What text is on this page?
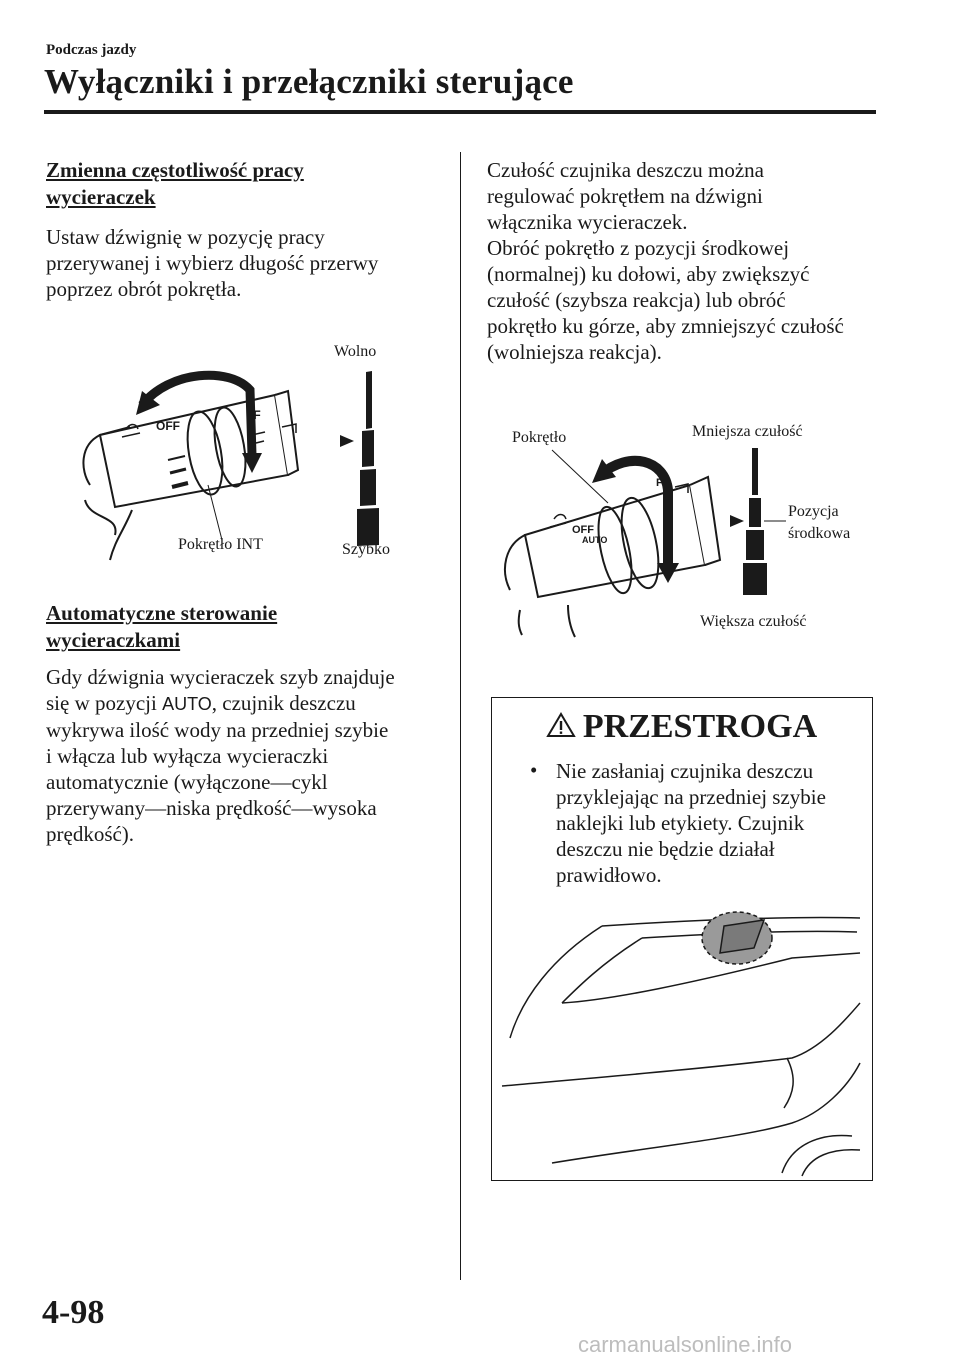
Podczas jazdy
Wyłączniki i przełączniki sterujące
Zmienna częstotliwość pracy
wycieraczek
Ustaw dźwignię w pozycję pracy
przerywanej i wybierz długość przerwy
poprzez obrót pokrętła.
OFF
FF
Wolno
Szybko
Pokrętło INT
Automatyczne sterowanie
wycieraczkami
Gdy dźwignia wycieraczek szyb znajduje
się w pozycji AUTO, czujnik deszczu
wykrywa ilość wody na przedniej szybie
i włącza lub wyłącza wycieraczki
automatycznie (wyłączone—cykl
przerywany—niska prędkość—wysoka
prędkość).
Czułość czujnika deszczu można
regulować pokrętłem na dźwigni
włącznika wycieraczek.
Obróć pokrętło z pozycji środkowej
(normalnej) ku dołowi, aby zwiększyć
czułość (szybsza reakcja) lub obróć
pokrętło ku górze, aby zmniejszyć czułość
(wolniejsza reakcja).
OFF
AUTO
F
Pokrętło	Mniejsza czułość
Pozycja
środkowa
Większa czułość
PRZESTROGA
• Nie zasłaniaj czujnika deszczu
przyklejając na przedniej szybie
naklejki lub etykiety. Czujnik
deszczu nie będzie działał
prawidłowo.
4-98
carmanualsonline.info
